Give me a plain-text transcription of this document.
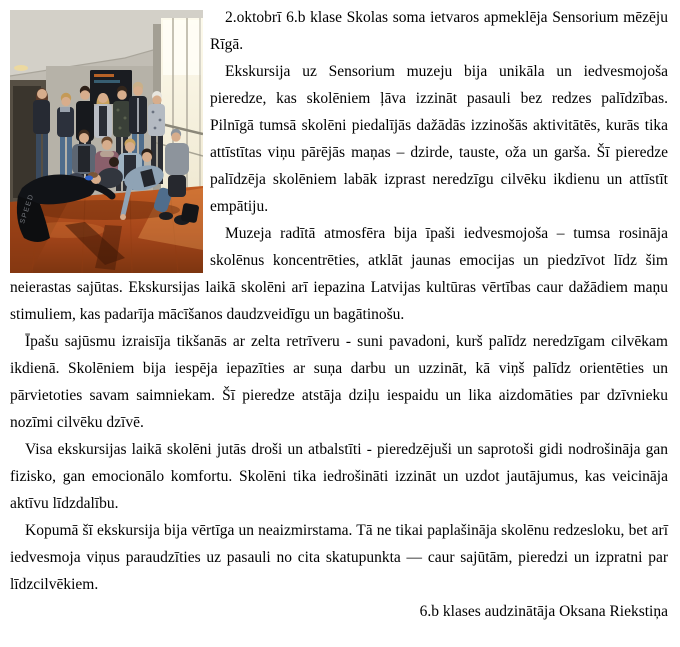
SPEED

2.oktobrī 6.b klase Skolas soma ietvaros apmeklēja Sensorium mēzēju Rīgā.

Ekskursija uz Sensorium muzeju bija unikāla un iedvesmojoša pieredze, kas skolēniem ļāva izzināt pasauli bez redzes palīdzības. Pilnīgā tumsā skolēni piedalījās dažādās izzinošās aktivitātēs, kurās tika attīstītas viņu pārējās maņas – dzirde, tauste, oža un garša. Šī pieredze palīdzēja skolēniem labāk izprast neredzīgu cilvēku ikdienu un attīstīt empātiju.

Muzeja radītā atmosfēra bija īpaši iedvesmojoša – tumsa rosināja skolēnus koncentrēties, atklāt jaunas emocijas un piedzīvot līdz šim neierastas sajūtas. Ekskursijas laikā skolēni arī iepazina Latvijas kultūras vērtības caur dažādiem maņu stimuliem, kas padarīja mācīšanos daudzveidīgu un bagātinošu.

Īpašu sajūsmu izraisīja tikšanās ar zelta retrīveru - suni pavadoni, kurš palīdz neredzīgam cilvēkam ikdienā. Skolēniem bija iespēja iepazīties ar suņa darbu un uzzināt, kā viņš palīdz orientēties un pārvietoties savam saimniekam. Šī pieredze atstāja dziļu iespaidu un lika aizdomāties par dzīvnieku nozīmi cilvēku dzīvē.

Visa ekskursijas laikā skolēni jutās droši un atbalstīti - pieredzējuši un saprotoši gidi nodrošināja gan fizisko, gan emocionālo komfortu. Skolēni tika iedrošināti izzināt un uzdot jautājumus, kas veicināja aktīvu līdzdalību.

Kopumā šī ekskursija bija vērtīga un neaizmirstama. Tā ne tikai paplašināja skolēnu redzesloku, bet arī iedvesmoja viņus paraudzīties uz pasauli no cita skatupunkta — caur sajūtām, pieredzi un izpratni par līdzcilvēkiem.

6.b klases audzinātāja Oksana Riekstiņa
